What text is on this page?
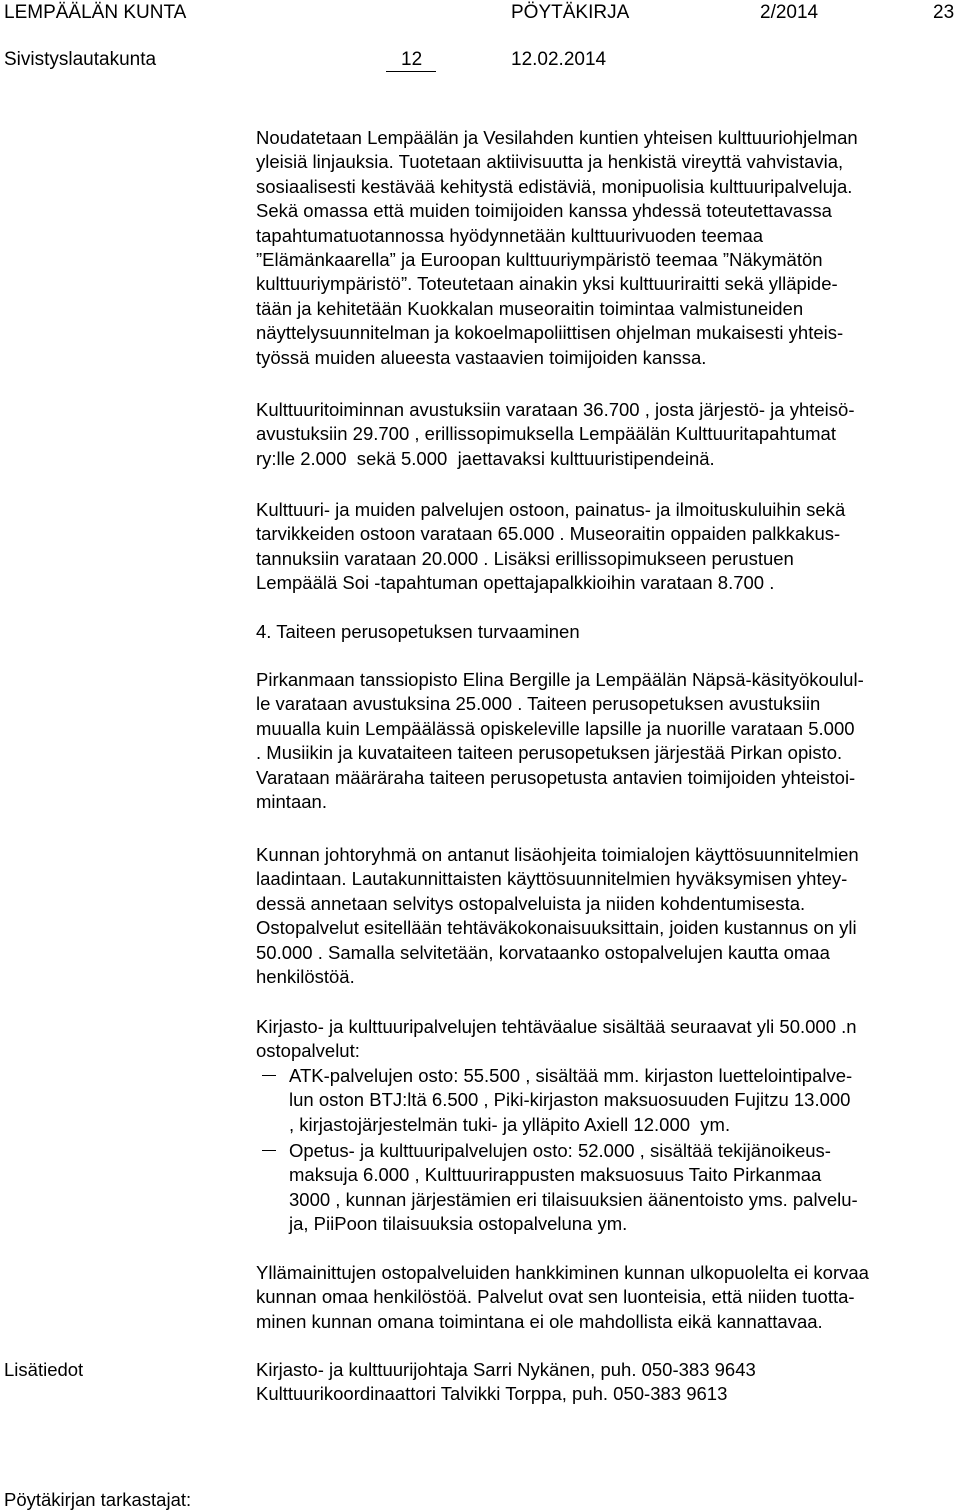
LEMPÄÄLÄN KUNTA	PÖYTÄKIRJA	2/2014	23
Sivistyslautakunta	12	12.02.2014
Noudatetaan Lempäälän ja Vesilahden kuntien yhteisen kulttuuriohjelman
yleisiä linjauksia. Tuotetaan aktiivisuutta ja henkistä vireyttä vahvistavia,
sosiaalisesti kestävää kehitystä edistäviä, monipuolisia kulttuuripalveluja.
Sekä omassa että muiden toimijoiden kanssa yhdessä toteutettavassa
tapahtumatuotannossa hyödynnetään kulttuurivuoden teemaa
”Elämänkaarella” ja Euroopan kulttuuriympäristö teemaa ”Näkymätön
kulttuuriympäristö”. Toteutetaan ainakin yksi kulttuuriraitti sekä ylläpide-
tään ja kehitetään Kuokkalan museoraitin toimintaa valmistuneiden
näyttelysuunnitelman ja kokoelmapoliittisen ohjelman mukaisesti yhteis-
työssä muiden alueesta vastaavien toimijoiden kanssa.
Kulttuuritoiminnan avustuksiin varataan 36.700 , josta järjestö- ja yhteisö-
avustuksiin 29.700 , erillissopimuksella Lempäälän Kulttuuritapahtumat
ry:lle 2.000  sekä 5.000  jaettavaksi kulttuuristipendeinä.
Kulttuuri- ja muiden palvelujen ostoon, painatus- ja ilmoituskuluihin sekä
tarvikkeiden ostoon varataan 65.000 . Museoraitin oppaiden palkkakus-
tannuksiin varataan 20.000 . Lisäksi erillissopimukseen perustuen
Lempäälä Soi -tapahtuman opettajapalkkioihin varataan 8.700 .
4. Taiteen perusopetuksen turvaaminen
Pirkanmaan tanssiopisto Elina Bergille ja Lempäälän Näpsä-käsityökoulul-
le varataan avustuksina 25.000 . Taiteen perusopetuksen avustuksiin
muualla kuin Lempäälässä opiskeleville lapsille ja nuorille varataan 5.000
. Musiikin ja kuvataiteen taiteen perusopetuksen järjestää Pirkan opisto.
Varataan määräraha taiteen perusopetusta antavien toimijoiden yhteistoi-
mintaan.
Kunnan johtoryhmä on antanut lisäohjeita toimialojen käyttösuunnitelmien
laadintaan. Lautakunnittaisten käyttösuunnitelmien hyväksymisen yhtey-
dessä annetaan selvitys ostopalveluista ja niiden kohdentumisesta.
Ostopalvelut esitellään tehtäväkokonaisuuksittain, joiden kustannus on yli
50.000 . Samalla selvitetään, korvataanko ostopalvelujen kautta omaa
henkilöstöä.
Kirjasto- ja kulttuuripalvelujen tehtäväalue sisältää seuraavat yli 50.000 .n
ostopalvelut:
ATK-palvelujen osto: 55.500 , sisältää mm. kirjaston luettelointipalve-
lun oston BTJ:ltä 6.500 , Piki-kirjaston maksuosuuden Fujitzu 13.000
, kirjastojärjestelmän tuki- ja ylläpito Axiell 12.000  ym.
Opetus- ja kulttuuripalvelujen osto: 52.000 , sisältää tekijänoikeus-
maksuja 6.000 , Kulttuurirappusten maksuosuus Taito Pirkanmaa
3000 , kunnan järjestämien eri tilaisuuksien äänentoisto yms. palvelu-
ja, PiiPoon tilaisuuksia ostopalveluna ym.
Yllämainittujen ostopalveluiden hankkiminen kunnan ulkopuolelta ei korvaa
kunnan omaa henkilöstöä. Palvelut ovat sen luonteisia, että niiden tuotta-
minen kunnan omana toimintana ei ole mahdollista eikä kannattavaa.
Lisätiedot	Kirjasto- ja kulttuurijohtaja Sarri Nykänen, puh. 050-383 9643
Kulttuurikoordinaattori Talvikki Torppa, puh. 050-383 9613
Pöytäkirjan tarkastajat:
